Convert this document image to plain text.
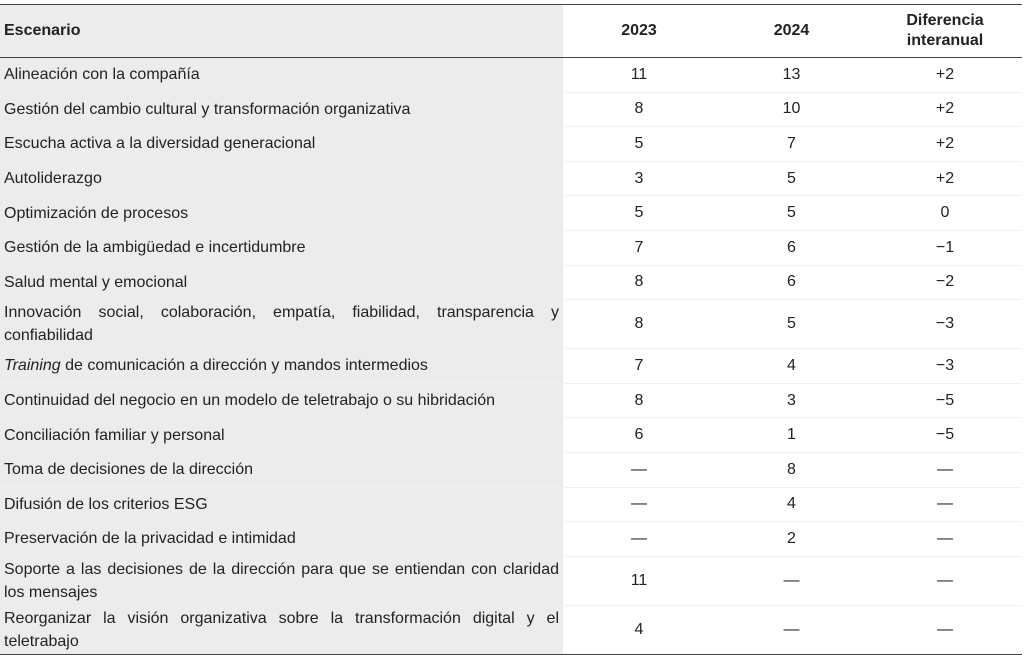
Escenario	2023	2024	Diferencia
interanual
Alineación con la compañía	11	13	+2
Gestión del cambio cultural y transformación organizativa	8	10	+2
Escucha activa a la diversidad generacional	5	7	+2
Autoliderazgo	3	5	+2
Optimización de procesos	5	5	0
Gestión de la ambigüedad e incertidumbre	7	6	−1
Salud mental y emocional	8	6	−2
Innovación social, colaboración, empatía, fiabilidad, transparencia y confiabilidad	8	5	−3
Training de comunicación a dirección y mandos intermedios	7	4	−3
Continuidad del negocio en un modelo de teletrabajo o su hibridación	8	3	−5
Conciliación familiar y personal	6	1	−5
Toma de decisiones de la dirección	—	8	—
Difusión de los criterios ESG	—	4	—
Preservación de la privacidad e intimidad	—	2	—
Soporte a las decisiones de la dirección para que se entiendan con claridad los mensajes	11	—	—
Reorganizar la visión organizativa sobre la transformación digital y el teletrabajo	4	—	—
